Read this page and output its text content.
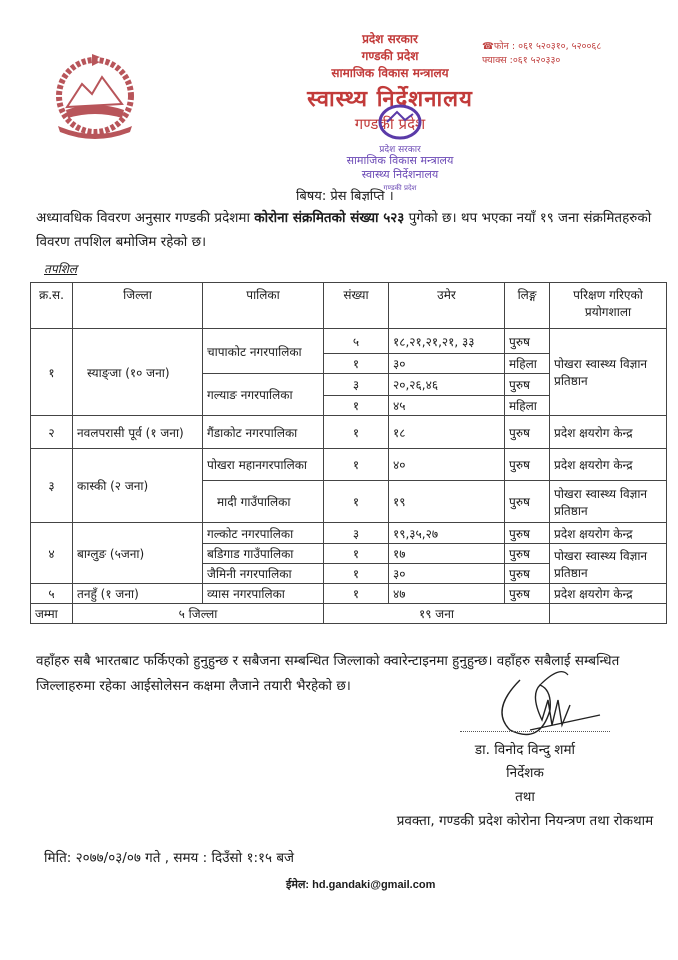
प्रदेश सरकार
गण्डकी प्रदेश
सामाजिक विकास मन्त्रालय
स्वास्थ्य निर्देशनालय
गण्डकी प्रदेश
☎फोन : ०६१ ५२०३१०, ५२००६८
फ्याक्स :०६१ ५२०३३०
प्रदेश सरकार
सामाजिक विकास मन्त्रालय
स्वास्थ्य निर्देशनालय
गण्डकी प्रदेश
बिषय: प्रेस बिज्ञप्ति ।
अध्यावधिक विवरण अनुसार गण्डकी प्रदेशमा कोरोना संक्रमितको संख्या ५२३ पुगेको छ। थप भएका नयाँ १९ जना संक्रमितहरुको विवरण तपशिल बमोजिम रहेको छ।
तपशिल
क्र.स.	जिल्ला	पालिका	संख्या	उमेर	लिङ्ग	परिक्षण गरिएको प्रयोगशाला
१	स्याङ्जा (१० जना)	चापाकोट नगरपालिका	५	१८,२१,२१,२१, ३३	पुरुष	पोखरा स्वास्थ्य विज्ञान प्रतिष्ठान
			१	३०	महिला	
		गल्याङ नगरपालिका	३	२०,२६,४६	पुरुष	
			१	४५	महिला	
२	नवलपरासी पूर्व (१ जना)	गैंडाकोट नगरपालिका	१	१८	पुरुष	प्रदेश क्षयरोग केन्द्र
३	कास्की (२ जना)	पोखरा महानगरपालिका	१	४०	पुरुष	प्रदेश क्षयरोग केन्द्र
		मादी गाउँपालिका	१	१९	पुरुष	पोखरा स्वास्थ्य विज्ञान प्रतिष्ठान
४	बाग्लुङ (५जना)	गल्कोट नगरपालिका	३	१९,३५,२७	पुरुष	प्रदेश क्षयरोग केन्द्र
		बडिगाड गाउँपालिका	१	१७	पुरुष	पोखरा स्वास्थ्य विज्ञान प्रतिष्ठान
		जैमिनी नगरपालिका	१	३०	पुरुष	
५	तनहुँ (१ जना)	व्यास नगरपालिका	१	४७	पुरुष	प्रदेश क्षयरोग केन्द्र
जम्मा	५ जिल्ला		१९ जना			
वहाँहरु सबै भारतबाट फर्किएको हुनुहुन्छ र सबैजना सम्बन्धित जिल्लाको क्वारेन्टाइनमा हुनुहुन्छ। वहाँहरु सबैलाई सम्बन्धित जिल्लाहरुमा रहेका आईसोलेसन कक्षमा लैजाने तयारी भैरहेको छ।
डा. विनोद विन्दु शर्मा
निर्देशक
तथा
प्रवक्ता, गण्डकी प्रदेश कोरोना नियन्त्रण तथा रोकथाम
मिति: २०७७/०३/०७ गते , समय : दिउँसो १:१५ बजे
ईमेल: hd.gandaki@gmail.com
